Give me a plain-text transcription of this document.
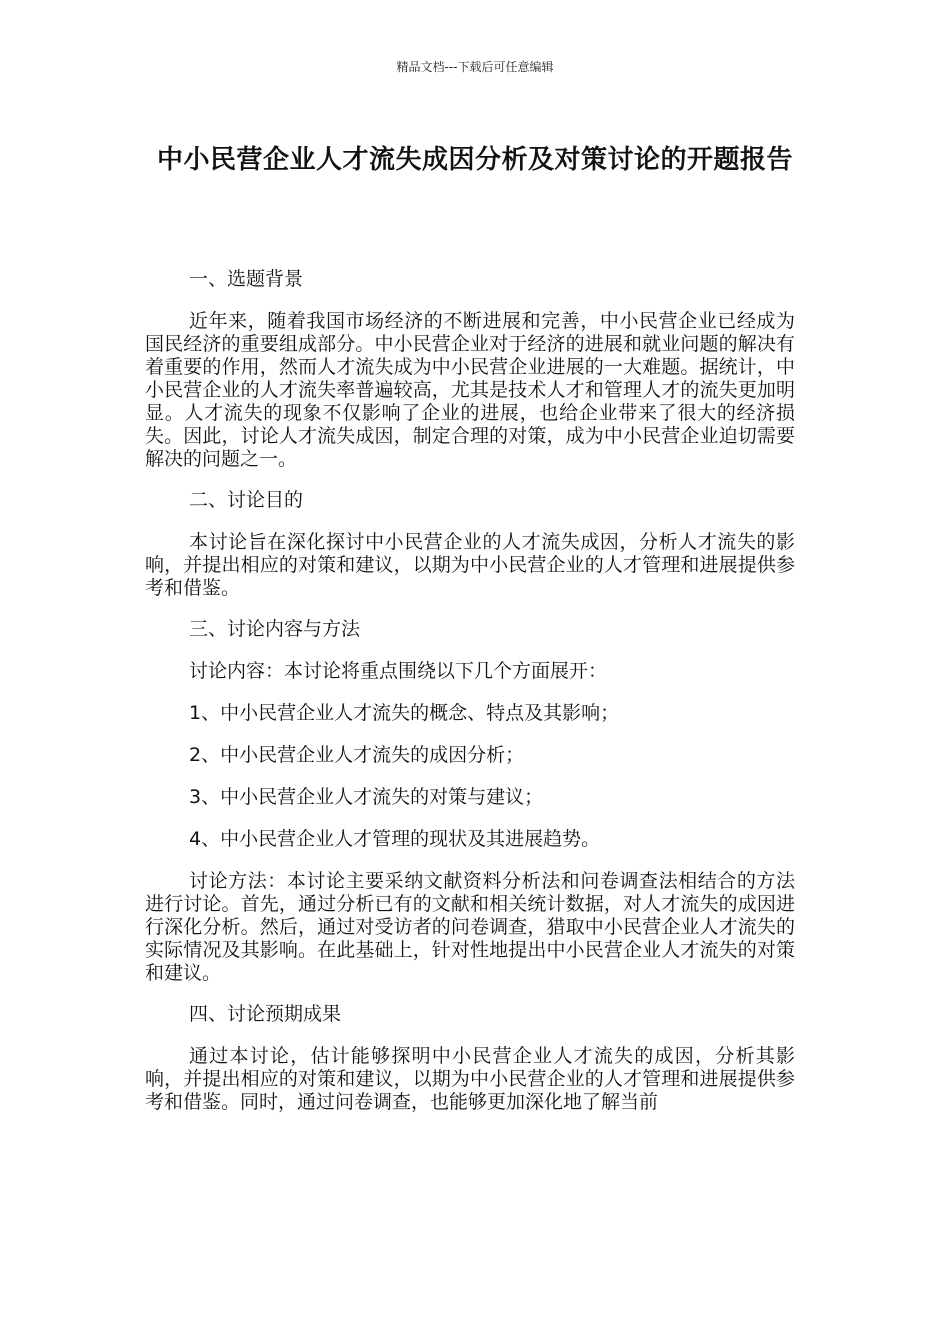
精品文档---下载后可任意编辑
中小民营企业人才流失成因分析及对策讨论的开题报告
一、选题背景
近年来，随着我国市场经济的不断进展和完善，中小民营企业已经成为国民经济的重要组成部分。中小民营企业对于经济的进展和就业问题的解决有着重要的作用，然而人才流失成为中小民营企业进展的一大难题。据统计，中小民营企业的人才流失率普遍较高，尤其是技术人才和管理人才的流失更加明显。人才流失的现象不仅影响了企业的进展，也给企业带来了很大的经济损失。因此，讨论人才流失成因，制定合理的对策，成为中小民营企业迫切需要解决的问题之一。
二、讨论目的
本讨论旨在深化探讨中小民营企业的人才流失成因，分析人才流失的影响，并提出相应的对策和建议，以期为中小民营企业的人才管理和进展提供参考和借鉴。
三、讨论内容与方法
讨论内容：本讨论将重点围绕以下几个方面展开：
1、中小民营企业人才流失的概念、特点及其影响；
2、中小民营企业人才流失的成因分析；
3、中小民营企业人才流失的对策与建议；
4、中小民营企业人才管理的现状及其进展趋势。
讨论方法：本讨论主要采纳文献资料分析法和问卷调查法相结合的方法进行讨论。首先，通过分析已有的文献和相关统计数据，对人才流失的成因进行深化分析。然后，通过对受访者的问卷调查，猎取中小民营企业人才流失的实际情况及其影响。在此基础上，针对性地提出中小民营企业人才流失的对策和建议。
四、讨论预期成果
通过本讨论，估计能够探明中小民营企业人才流失的成因，分析其影响，并提出相应的对策和建议，以期为中小民营企业的人才管理和进展提供参考和借鉴。同时，通过问卷调查，也能够更加深化地了解当前
